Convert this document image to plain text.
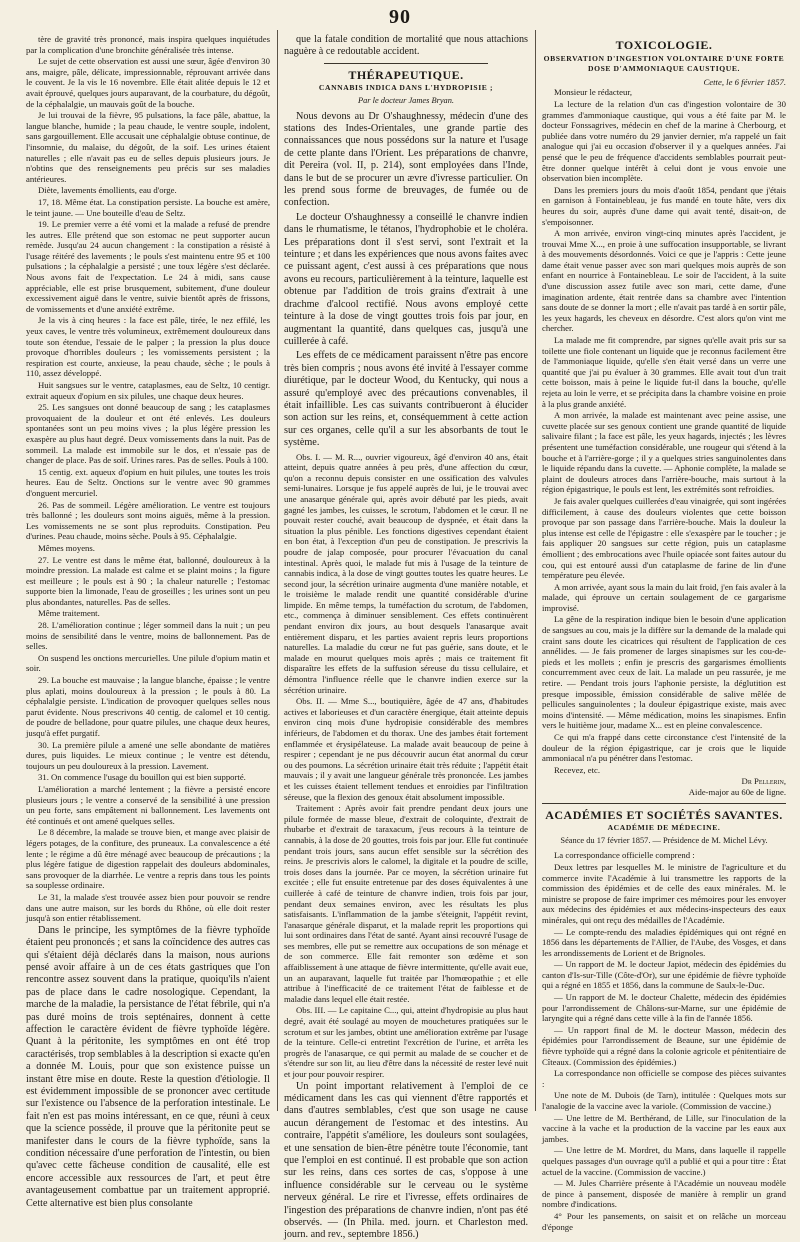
90

tère de gravité très prononcé, mais inspira quelques inquiétudes par la complication d'une bronchite généralisée très intense.

Le sujet de cette observation est aussi une sœur, âgée d'environ 30 ans, maigre, pâle, délicate, impressionnable, réprouvant arrivée dans le couvent. Je la vis le 16 novembre. Elle était alitée depuis le 12 et avait éprouvé, quelques jours auparavant, de la courbature, du dégoût, de la céphalalgie, un mauvais goût de la bouche.

Je lui trouvai de la fièvre, 95 pulsations, la face pâle, abattue, la langue blanche, humide ; la peau chaude, le ventre souple, indolent, sans gargouillement. Elle accusait une céphalalgie obtuse continue, de l'insomnie, du malaise, du dégoût, de la soif. Les urines étaient naturelles ; elle n'avait pas eu de selles depuis plusieurs jours. Je n'obtins que des renseignements peu précis sur ses maladies antérieures.

Diète, lavements émollients, eau d'orge.

17, 18. Même état. La constipation persiste. La bouche est amère, le teint jaune. — Une bouteille d'eau de Seltz.

19. Le premier verre a été vomi et la malade a refusé de prendre les autres. Elle prétend que son estomac ne peut supporter aucun remède. Jusqu'au 24 aucun changement : la constipation a résisté à l'usage réitéré des lavements ; le pouls s'est maintenu entre 95 et 100 pulsations ; la céphalalgie a persisté ; une toux légère s'est déclarée. Nous avons fait de l'expectation. Le 24 à midi, sans cause appréciable, elle est prise brusquement, subitement, d'une douleur excessivement aiguë dans le ventre, suivie bientôt après de frissons, de vomissements et d'une anxiété extrême.

Je la vis à cinq heures : la face est pâle, tirée, le nez effilé, les yeux caves, le ventre très volumineux, extrêmement douloureux dans toute son étendue, l'essaie de le palper ; la pression la plus douce provoque d'horribles douleurs ; les vomissements persistent ; la respiration est courte, anxieuse, la peau chaude, sèche ; le pouls à 110, assez développé.

Huit sangsues sur le ventre, cataplasmes, eau de Seltz, 10 centigr. extrait aqueux d'opium en six pilules, une chaque deux heures.

25. Les sangsues ont donné beaucoup de sang ; les cataplasmes provoquaient de la douleur et ont été enlevés. Les douleurs spontanées sont un peu moins vives ; la plus légère pression les exaspère au plus haut degré. Deux vomissements dans la nuit. Pas de sommeil. La malade est immobile sur le dos, et n'essaie pas de changer de place. Pas de soif. Urines rares. Pas de selles. Pouls à 100.

15 centig. ext. aqueux d'opium en huit pilules, une toutes les trois heures. Eau de Seltz. Onctions sur le ventre avec 90 grammes d'onguent mercuriel.

26. Pas de sommeil. Légère amélioration. Le ventre est toujours très ballonné ; les douleurs sont moins aiguës, même à la pression. Les vomissements ne se sont plus reproduits. Constipation. Peu d'urines. Peau chaude, moins sèche. Pouls à 95. Céphalalgie.

Mêmes moyens.

27. Le ventre est dans le même état, ballonné, douloureux à la moindre pression. La malade est calme et se plaint moins ; la figure est meilleure ; le pouls est à 90 ; la chaleur naturelle ; l'estomac supporte bien la limonade, l'eau de groseilles ; les urines sont un peu plus abondantes, naturelles. Pas de selles.

Même traitement.

28. L'amélioration continue ; léger sommeil dans la nuit ; un peu moins de sensibilité dans le ventre, moins de ballonnement. Pas de selles.

On suspend les onctions mercurielles. Une pilule d'opium matin et soir.

29. La bouche est mauvaise ; la langue blanche, épaisse ; le ventre plus aplati, moins douloureux à la pression ; le pouls à 80. La céphalalgie persiste. L'indication de provoquer quelques selles nous parut évidente. Nous prescrivons 40 centig. de calomel et 10 centig. de poudre de belladone, pour quatre pilules, une chaque deux heures, jusqu'à effet purgatif.

30. La première pilule a amené une selle abondante de matières dures, puis liquides. Le mieux continue ; le ventre est détendu, toujours un peu douloureux à la pression. Lavement.

31. On commence l'usage du bouillon qui est bien supporté.

L'amélioration a marché lentement ; la fièvre a persisté encore plusieurs jours ; le ventre a conservé de la sensibilité à une pression un peu forte, sans empâtement ni ballonnement. Les lavements ont été continués et ont amené quelques selles.

Le 8 décembre, la malade se trouve bien, et mange avec plaisir de légers potages, de la confiture, des pruneaux. La convalescence a été lente ; le régime a dû être ménagé avec beaucoup de précautions ; la plus légère fatigue de digestion rappelait des douleurs abdominales, sans provoquer de la diarrhée. Le ventre a repris dans tous les points sa souplesse ordinaire.

Le 31, la malade s'est trouvée assez bien pour pouvoir se rendre dans une autre maison, sur les bords du Rhône, où elle doit rester jusqu'à son entier rétablissement.

Dans le principe, les symptômes de la fièvre typhoïde étaient peu prononcés ; et sans la coïncidence des autres cas qui s'étaient déjà déclarés dans la maison, nous aurions pensé avoir affaire à un de ces états gastriques que l'on rencontre assez souvent dans la pratique, quoiqu'ils n'aient pas de place dans le cadre nosologique. Cependant, la marche de la maladie, la persistance de l'état fébrile, qui n'a pas duré moins de trois septénaires, donnent à cette affection le caractère évident de fièvre typhoïde légère. Quant à la péritonite, les symptômes en ont été trop caractérisés, trop semblables à la description si exacte qu'en a donnée M. Louis, pour que son existence puisse un instant être mise en doute. Reste la question d'étiologie. Il est évidemment impossible de se prononcer avec certitude sur l'existence ou l'absence de la perforation intestinale. Le fait n'en est pas moins intéressant, en ce que, réuni à ceux que la science possède, il prouve que la péritonite peut se manifester dans le cours de la fièvre typhoïde, sans la condition nécessaire d'une perforation de l'intestin, ou bien qu'avec cette fâcheuse condition de causalité, elle est encore accessible aux ressources de l'art, et peut être avantageusement combattue par un traitement approprié. Cette alternative est bien plus consolante

que la fatale condition de mortalité que nous attachions naguère à ce redoutable accident.

THÉRAPEUTIQUE.
CANNABIS INDICA DANS L'HYDROPISIE ;
Par le docteur James Bryan.

Nous devons au Dr O'shaughnessy, médecin d'une des stations des Indes-Orientales, une grande partie des connaissances que nous possédons sur la nature et l'usage de cette plante dans l'Orient. Les préparations de chanvre, dit Pereira (vol. II, p. 214), sont employées dans l'Inde, dans le but de se procurer un ævre d'ivresse particulier. On les prend sous forme de breuvages, de fumée ou de confection.

Le docteur O'shaughnessy a conseillé le chanvre indien dans le rhumatisme, le tétanos, l'hydrophobie et le choléra. Les préparations dont il s'est servi, sont l'extrait et la teinture ; et dans les expériences que nous avons faites avec ce puissant agent, c'est aussi à ces préparations que nous avons eu recours, particulièrement à la teinture, laquelle est obtenue par l'addition de trois grains d'extrait à une drachme d'alcool rectifié. Nous avons employé cette teinture à la dose de vingt gouttes trois fois par jour, en augmentant la quantité, dans quelques cas, jusqu'à une cuillerée à café.

Les effets de ce médicament paraissent n'être pas encore très bien compris ; nous avons été invité à l'essayer comme diurétique, par le docteur Wood, du Kentucky, qui nous a assuré qu'employé avec des précautions convenables, il était infaillible. Les cas suivants contribueront à élucider son action sur les reins, et, conséquemment à cette action sur ces organes, celle qu'il a sur les absorbants de tout le système.

Obs. I. — M. R..., ouvrier vigoureux, âgé d'environ 40 ans, était atteint, depuis quatre années à peu près, d'une affection du cœur, qu'on a reconnu depuis consister en une ossification des valvules semi-lunaires. Lorsque je fus appelé auprès de lui, je le trouvai avec une anasarque générale qui, après avoir débuté par les pieds, avait gagné les jambes, les cuisses, le scrotum, l'abdomen et le cœur. Il ne pouvait rester couché, avait beaucoup de dyspnée, et était dans la situation la plus pénible. Les fonctions digestives cependant étaient en bon état, à l'exception d'un peu de constipation. Je prescrivis la poudre de jalap composée, pour procurer l'évacuation du canal intestinal. Après quoi, le malade fut mis à l'usage de la teinture de cannabis indica, à la dose de vingt gouttes toutes les quatre heures. Le second jour, la sécrétion urinaire augmenta d'une manière notable, et le troisième le malade rendit une quantité considérable d'urine limpide. En même temps, la tuméfaction du scrotum, de l'abdomen, etc., commença à diminuer sensiblement. Ces effets continuèrent pendant environ dix jours, au bout desquels l'anasarque avait entièrement disparu, et les parties avaient repris leurs proportions naturelles. La maladie du cœur ne fut pas guérie, sans doute, et le malade en mourut quelques mois après ; mais ce traitement fit disparaître les effets de la suffusion séreuse du tissu cellulaire, et démontra l'influence réelle que le chanvre indien exerce sur la sécrétion urinaire.

Obs. II. — Mme S..., boutiquière, âgée de 47 ans, d'habitudes actives et laborieuses et d'un caractère énergique, était atteinte depuis environ cinq mois d'une hydropisie considérable des membres inférieurs, de l'abdomen et du thorax. Une des jambes était fortement enflammée et érysipélateuse. La malade avait beaucoup de peine à respirer ; cependant je ne pus découvrir aucun état anormal du cœur ou des poumons. La sécrétion urinaire était très réduite ; l'appétit était mauvais ; il y avait une langueur générale très prononcée. Les jambes et les cuisses étaient tellement tendues et enroidies par l'infiltration séreuse, que la flexion des genoux était absolument impossible.

Traitement : Après avoir fait prendre pendant deux jours une pilule formée de masse bleue, d'extrait de coloquinte, d'extrait de rhubarbe et d'extrait de taraxacum, j'eus recours à la teinture de cannabis, à la dose de 20 gouttes, trois fois par jour. Elle fut continuée pendant trois jours, sans aucun effet sensible sur la sécrétion des reins. Je prescrivis alors le calomel, la digitale et la poudre de scille, trois doses dans la journée. Par ce moyen, la sécrétion urinaire fut excitée ; elle fut ensuite entretenue par des doses équivalentes à une cuillerée à café de teinture de chanvre indien, trois fois par jour, pendant deux semaines environ, avec les résultats les plus satisfaisants. L'inflammation de la jambe s'éteignit, l'appétit revint, l'anasarque générale disparut, et la malade reprit les proportions qui lui sont ordinaires dans l'état de santé. Ayant ainsi recouvré l'usage de ses membres, elle put se remettre aux occupations de son ménage et de son commerce. Elle fait remonter son œdème et son affaiblissement à une attaque de fièvre intermittente, qu'elle avait eue, un an auparavant, laquelle fut traitée par l'homœopathie ; et elle attribue à l'inefficacité de ce traitement l'état de faiblesse et de maladie dans lequel elle était restée.

Obs. III. — Le capitaine C..., qui, atteint d'hydropisie au plus haut degré, avait été soulagé au moyen de mouchetures pratiquées sur le scrotum et sur les jambes, obtint une amélioration extrême par l'usage de la teinture. Celle-ci entretint l'excrétion de l'urine, et arrêta les progrès de l'anasarque, ce qui permit au malade de se coucher et de s'étendre sur son lit, au lieu d'être dans la nécessité de rester levé nuit et jour pour pouvoir respirer.

Un point important relativement à l'emploi de ce médicament dans les cas qui viennent d'être rapportés et dans d'autres semblables, c'est que son usage ne cause aucun dérangement de l'estomac et des intestins. Au contraire, l'appétit s'améliore, les douleurs sont soulagées, et une sensation de bien-être pénètre toute l'économie, tant que l'emploi en est continué. Il est probable que son action sur les reins, dans ces sortes de cas, s'oppose à une influence considérable sur le cerveau ou le système nerveux général. Le rire et l'ivresse, effets ordinaires de l'ingestion des préparations de chanvre indien, n'ont pas été observés. — (In Phila. med. journ. et Charleston med. journ. and rev., septembre 1856.)

TOXICOLOGIE.
OBSERVATION D'INGESTION VOLONTAIRE D'UNE FORTE DOSE D'AMMONIAQUE CAUSTIQUE.
Cette, le 6 février 1857.

Monsieur le rédacteur,

La lecture de la relation d'un cas d'ingestion volontaire de 30 grammes d'ammoniaque caustique, qui vous a été faite par M. le docteur Fonssagrives, médecin en chef de la marine à Cherbourg, et publiée dans votre numéro du 29 janvier dernier, m'a rappelé un fait analogue qui j'ai eu occasion d'observer il y a quelques années. J'ai pensé que le peu de fréquence d'accidents semblables pourrait peut-être donner quelque intérêt à celui dont je vous envoie une observation bien incomplète.

Dans les premiers jours du mois d'août 1854, pendant que j'étais en garnison à Fontainebleau, je fus mandé en toute hâte, vers dix heures du soir, auprès d'une dame qui avait tenté, disait-on, de s'empoisonner.

A mon arrivée, environ vingt-cinq minutes après l'accident, je trouvai Mme X..., en proie à une suffocation insupportable, se livrant à des mouvements désordonnés. Voici ce que je l'appris : Cette jeune dame était venue passer avec son mari quelques mois auprès de son enfant en nourrice à Fontainebleau. Le soir de l'accident, à la suite d'une discussion assez futile avec son mari, cette dame, d'une imagination ardente, était rentrée dans sa chambre avec l'intention sans doute de se donner la mort ; elle n'avait pas tardé à en sortir pâle, les yeux hagards, les cheveux en désordre. C'est alors qu'on vint me chercher.

La malade me fit comprendre, par signes qu'elle avait pris sur sa toilette une fiole contenant un liquide que je reconnus facilement être de l'ammoniaque liquide, qu'elle s'en était versé dans un verre une quantité que j'ai pu évaluer à 30 grammes. Elle avait tout d'un trait cette boisson, mais à peine le liquide fut-il dans la bouche, qu'elle rejeta au loin le verre, et se précipita dans la chambre voisine en proie à la plus grande anxiété.

A mon arrivée, la malade est maintenant avec peine assise, une cuvette placée sur ses genoux contient une grande quantité de liquide salivaire filant ; la face est pâle, les yeux hagards, injectés ; les lèvres présentent une tuméfaction considérable, une rougeur qui s'étend à la bouche et à l'arrière-gorge ; il y a quelques stries sanguinolentes dans le liquide répandu dans la cuvette. — Aphonie complète, la malade se plaint de douleurs atroces dans l'arrière-bouche, mais surtout à la région épigastrique, le pouls est lent, les extrémités sont refroidies.

Je fais avaler quelques cuillerées d'eau vinaigrée, qui sont ingérées difficilement, à cause des douleurs violentes que cette boisson provoque par son passage dans l'arrière-bouche. Mais la douleur la plus intense est celle de l'épigastre : elle s'exaspère par le toucher ; je fais appliquer 20 sangsues sur cette région, puis un cataplasme émollient ; des embrocations avec l'huile opiacée sont faites autour du cou, qui est entouré aussi d'un cataplasme de farine de lin d'une température peu élevée.

A mon arrivée, ayant sous la main du lait froid, j'en fais avaler à la malade, qui éprouve un certain soulagement de ce gargarisme improvisé.

La gêne de la respiration indique bien le besoin d'une application de sangsues au cou, mais je la diffère sur la demande de la malade qui craint sans doute les cicatrices qui résultent de l'application de ces annélides. — Je fais promener de larges sinapismes sur les cou-de-pieds et les mollets ; enfin je prescris des gargarismes émollients concurremment avec ceux de lait. La malade un peu rassurée, je me retire. — Pendant trois jours l'aphonie persiste, la déglutition est presque impossible, émission considérable de salive mêlée de pellicules sanguinolentes ; la douleur épigastrique existe, mais avec moins d'intensité. — Même médication, moins les sinapismes. Enfin vers le huitième jour, madame X... est en pleine convalescence.

Ce qui m'a frappé dans cette circonstance c'est l'intensité de la douleur de la région épigastrique, car je crois que le liquide ammoniacal n'a pu pénétrer dans l'estomac.

Recevez, etc.

Dr Pellerin,
Aide-major au 60e de ligne.
ACADÉMIES ET SOCIÉTÉS SAVANTES.
ACADÉMIE DE MÉDECINE.
Séance du 17 février 1857. — Présidence de M. Michel Lévy.

La correspondance officielle comprend :

Deux lettres par lesquelles M. le ministre de l'agriculture et du commerce invite l'Académie à lui transmettre les rapports de la commission des épidémies et de celle des eaux minérales. M. le ministre se propose de faire imprimer ces mémoires pour les envoyer aux médecins des épidémies et aux médecins-inspecteurs des eaux minérales, qui ont reçu des médailles de l'Académie.

— Le compte-rendu des maladies épidémiques qui ont régné en 1856 dans les départements de l'Allier, de l'Aube, des Vosges, et dans les arrondissements de Lorient et de Brignoles.

— Un rapport de M. le docteur Japiot, médecin des épidémies du canton d'Is-sur-Tille (Côte-d'Or), sur une épidémie de fièvre typhoïde qui a régné en 1855 et 1856, dans la commune de Saulx-le-Duc.

— Un rapport de M. le docteur Chalette, médecin des épidémies pour l'arrondissement de Châlons-sur-Marne, sur une épidémie de laryngite qui a régné dans cette ville à la fin de l'année 1856.

— Un rapport final de M. le docteur Masson, médecin des épidémies pour l'arrondissement de Beaune, sur une épidémie de fièvre typhoïde qui a régné dans la colonie agricole et pénitentiaire de Cîteaux. (Commission des épidémies.)

La correspondance non officielle se compose des pièces suivantes :

Une note de M. Dubois (de Tarn), intitulée : Quelques mots sur l'analogie de la vaccine avec la variole. (Commission de vaccine.)

— Une lettre de M. Berthérand, de Lille, sur l'inoculation de la vaccine à la vache et la production de la vaccine par les eaux aux jambes.

— Une lettre de M. Mordret, du Mans, dans laquelle il rappelle quelques passages d'un ouvrage qu'il a publié et qui a pour titre : État actuel de la vaccine. (Commission de vaccine.)

— M. Jules Charrière présente à l'Académie un nouveau modèle de pince à pansement, disposée de manière à remplir un grand nombre d'indications.

4° Pour les pansements, on saisit et on relâche un morceau d'éponge
